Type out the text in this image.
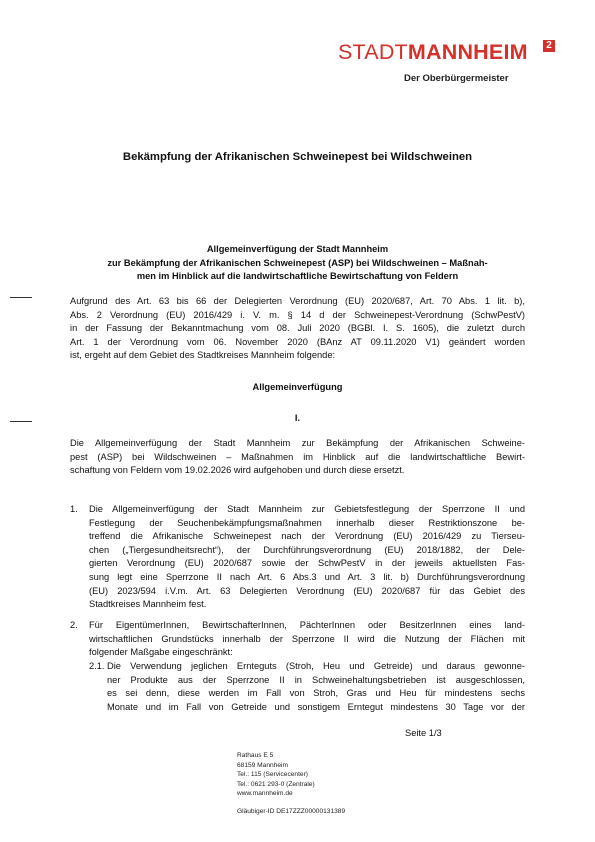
STADTMANNHEIM	2
Der Oberbürgermeister
Bekämpfung der Afrikanischen Schweinepest bei Wildschweinen
Allgemeinverfügung der Stadt Mannheim
zur Bekämpfung der Afrikanischen Schweinepest (ASP) bei Wildschweinen – Maßnah-
men im Hinblick auf die landwirtschaftliche Bewirtschaftung von Feldern
Aufgrund des Art. 63 bis 66 der Delegierten Verordnung (EU) 2020/687, Art. 70 Abs. 1 lit. b),
Abs. 2 Verordnung (EU) 2016/429 i. V. m. § 14 d der Schweinepest-Verordnung (SchwPestV)
in der Fassung der Bekanntmachung vom 08. Juli 2020 (BGBl. I. S. 1605), die zuletzt durch
Art. 1 der Verordnung vom 06. November 2020 (BAnz AT 09.11.2020 V1) geändert worden
ist, ergeht auf dem Gebiet des Stadtkreises Mannheim folgende:
Allgemeinverfügung
I.
Die Allgemeinverfügung der Stadt Mannheim zur Bekämpfung der Afrikanischen Schweine-
pest (ASP) bei Wildschweinen – Maßnahmen im Hinblick auf die landwirtschaftliche Bewirt-
schaftung von Feldern vom 19.02.2026 wird aufgehoben und durch diese ersetzt.
1. Die Allgemeinverfügung der Stadt Mannheim zur Gebietsfestlegung der Sperrzone II und
Festlegung der Seuchenbekämpfungsmaßnahmen innerhalb dieser Restriktionszone be-
treffend die Afrikanische Schweinepest nach der Verordnung (EU) 2016/429 zu Tierseu-
chen („Tiergesundheitsrecht“), der Durchführungsverordnung (EU) 2018/1882, der Dele-
gierten Verordnung (EU) 2020/687 sowie der SchwPestV in der jeweils aktuellsten Fas-
sung legt eine Sperrzone II nach Art. 6 Abs.3 und Art. 3 lit. b) Durchführungsverordnung
(EU) 2023/594 i.V.m. Art. 63 Delegierten Verordnung (EU) 2020/687 für das Gebiet des
Stadtkreises Mannheim fest.
2. Für EigentümerInnen, BewirtschafterInnen, PächterInnen oder BesitzerInnen eines land-
wirtschaftlichen Grundstücks innerhalb der Sperrzone II wird die Nutzung der Flächen mit
folgender Maßgabe eingeschränkt:
2.1. Die Verwendung jeglichen Ernteguts (Stroh, Heu und Getreide) und daraus gewonne-
ner Produkte aus der Sperrzone II in Schweinehaltungsbetrieben ist ausgeschlossen,
es sei denn, diese werden im Fall von Stroh, Gras und Heu für mindestens sechs
Monate und im Fall von Getreide und sonstigem Erntegut mindestens 30 Tage vor der
Seite 1/3
Rathaus E 5
68159 Mannheim
Tel.: 115 (Servicecenter)
Tel.: 0621 293-0 (Zentrale)
www.mannheim.de
Gläubiger-ID DE17ZZZ00000131389
